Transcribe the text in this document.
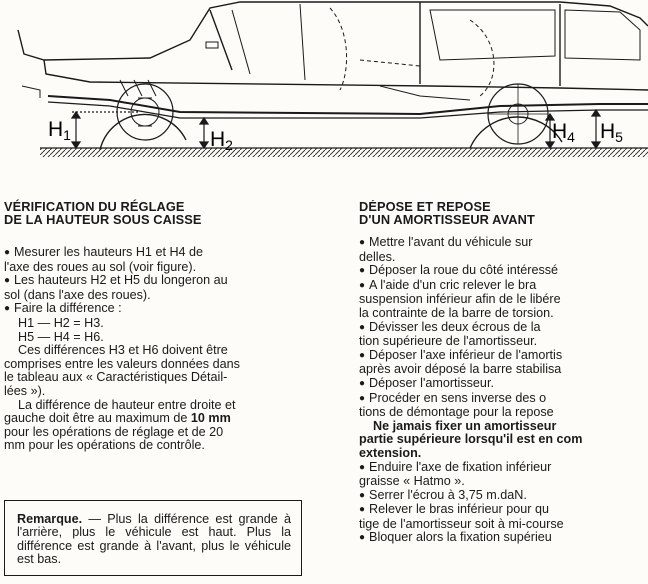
H1	H2
H4 H5
VÉRIFICATION DU RÉGLAGE
DE LA HAUTEUR SOUS CAISSE
● Mesurer les hauteurs H1 et H4 de
l'axe des roues au sol (voir figure).
● Les hauteurs H2 et H5 du longeron au
sol (dans l'axe des roues).
● Faire la différence :
H1 — H2 = H3.
H5 — H4 = H6.
Ces différences H3 et H6 doivent être
comprises entre les valeurs données dans
le tableau aux « Caractéristiques Détail-
lées »).
La différence de hauteur entre droite et
gauche doit être au maximum de 10 mm
pour les opérations de réglage et de 20
mm pour les opérations de contrôle.
Remarque. — Plus la différence est grande à l'arrière, plus le véhicule est haut. Plus la différence est grande à l'avant, plus le véhicule est bas.
DÉPOSE ET REPOSE
D'UN AMORTISSEUR AVANT
● Mettre l'avant du véhicule sur
delles.
● Déposer la roue du côté intéressé
● A l'aide d'un cric relever le bra
suspension inférieur afin de le libére
la contrainte de la barre de torsion.
● Dévisser les deux écrous de la
tion supérieure de l'amortisseur.
● Déposer l'axe inférieur de l'amortis
après avoir déposé la barre stabilisa
● Déposer l'amortisseur.
● Procéder en sens inverse des o
tions de démontage pour la repose
Ne jamais fixer un amortisseur
partie supérieure lorsqu'il est en com
extension.
● Enduire l'axe de fixation inférieur
graisse « Hatmo ».
● Serrer l'écrou à 3,75 m.daN.
● Relever le bras inférieur pour qu
tige de l'amortisseur soit à mi-course
● Bloquer alors la fixation supérieu
